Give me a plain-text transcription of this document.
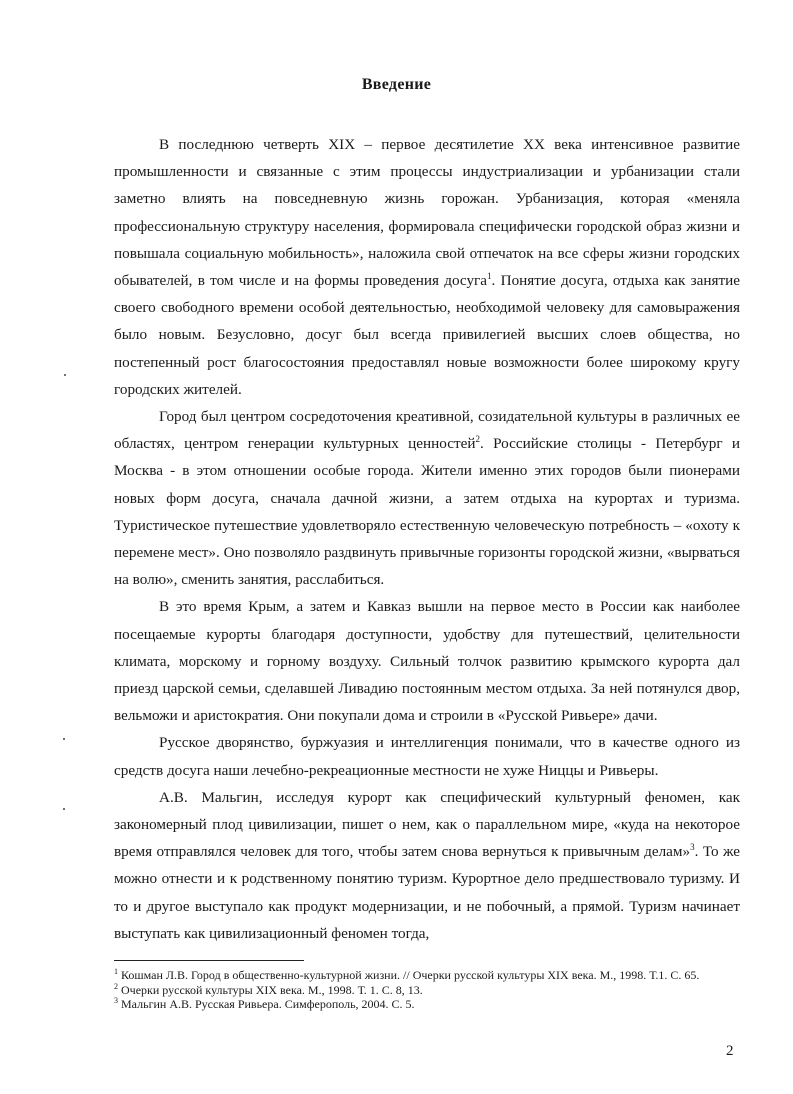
Введение

В последнюю четверть XIX – первое десятилетие XX века интенсивное развитие промышленности и связанные с этим процессы индустриализации и урбанизации стали заметно влиять на повседневную жизнь горожан. Урбанизация, которая «меняла профессиональную структуру населения, формировала специфически городской образ жизни и повышала социальную мобильность», наложила свой отпечаток на все сферы жизни городских обывателей, в том числе и на формы проведения досуга$^1$. Понятие досуга, отдыха как занятие своего свободного времени особой деятельностью, необходимой человеку для самовыражения было новым. Безусловно, досуг был всегда привилегией высших слоев общества, но постепенный рост благосостояния предоставлял новые возможности более широкому кругу городских жителей.

Город был центром сосредоточения креативной, созидательной культуры в различных ее областях, центром генерации культурных ценностей$^2$. Российские столицы - Петербург и Москва - в этом отношении особые города. Жители именно этих городов были пионерами новых форм досуга, сначала дачной жизни, а затем отдыха на курортах и туризма. Туристическое путешествие удовлетворяло естественную человеческую потребность – «охоту к перемене мест». Оно позволяло раздвинуть привычные горизонты городской жизни, «вырваться на волю», сменить занятия, расслабиться.

В это время Крым, а затем и Кавказ вышли на первое место в России как наиболее посещаемые курорты благодаря доступности, удобству для путешествий, целительности климата, морскому и горному воздуху. Сильный толчок развитию крымского курорта дал приезд царской семьи, сделавшей Ливадию постоянным местом отдыха. За ней потянулся двор, вельможи и аристократия. Они покупали дома и строили в «Русской Ривьере» дачи.

Русское дворянство, буржуазия и интеллигенция понимали, что в качестве одного из средств досуга наши лечебно-рекреационные местности не хуже Ниццы и Ривьеры.

А.В. Мальгин, исследуя курорт как специфический культурный феномен, как закономерный плод цивилизации, пишет о нем, как о параллельном мире, «куда на некоторое время отправлялся человек для того, чтобы затем снова вернуться к привычным делам»$^3$. То же можно отнести и к родственному понятию туризм. Курортное дело предшествовало туризму. И то и другое выступало как продукт модернизации, и не побочный, а прямой. Туризм начинает выступать как цивилизационный феномен тогда,

$^1$ Кошман Л.В. Город в общественно-культурной жизни. // Очерки русской культуры XIX века. М., 1998. Т.1. С. 65.
$^2$ Очерки русской культуры XIX века. М., 1998. Т. 1. С. 8, 13.
$^3$ Мальгин А.В. Русская Ривьера. Симферополь, 2004. С. 5.
2
